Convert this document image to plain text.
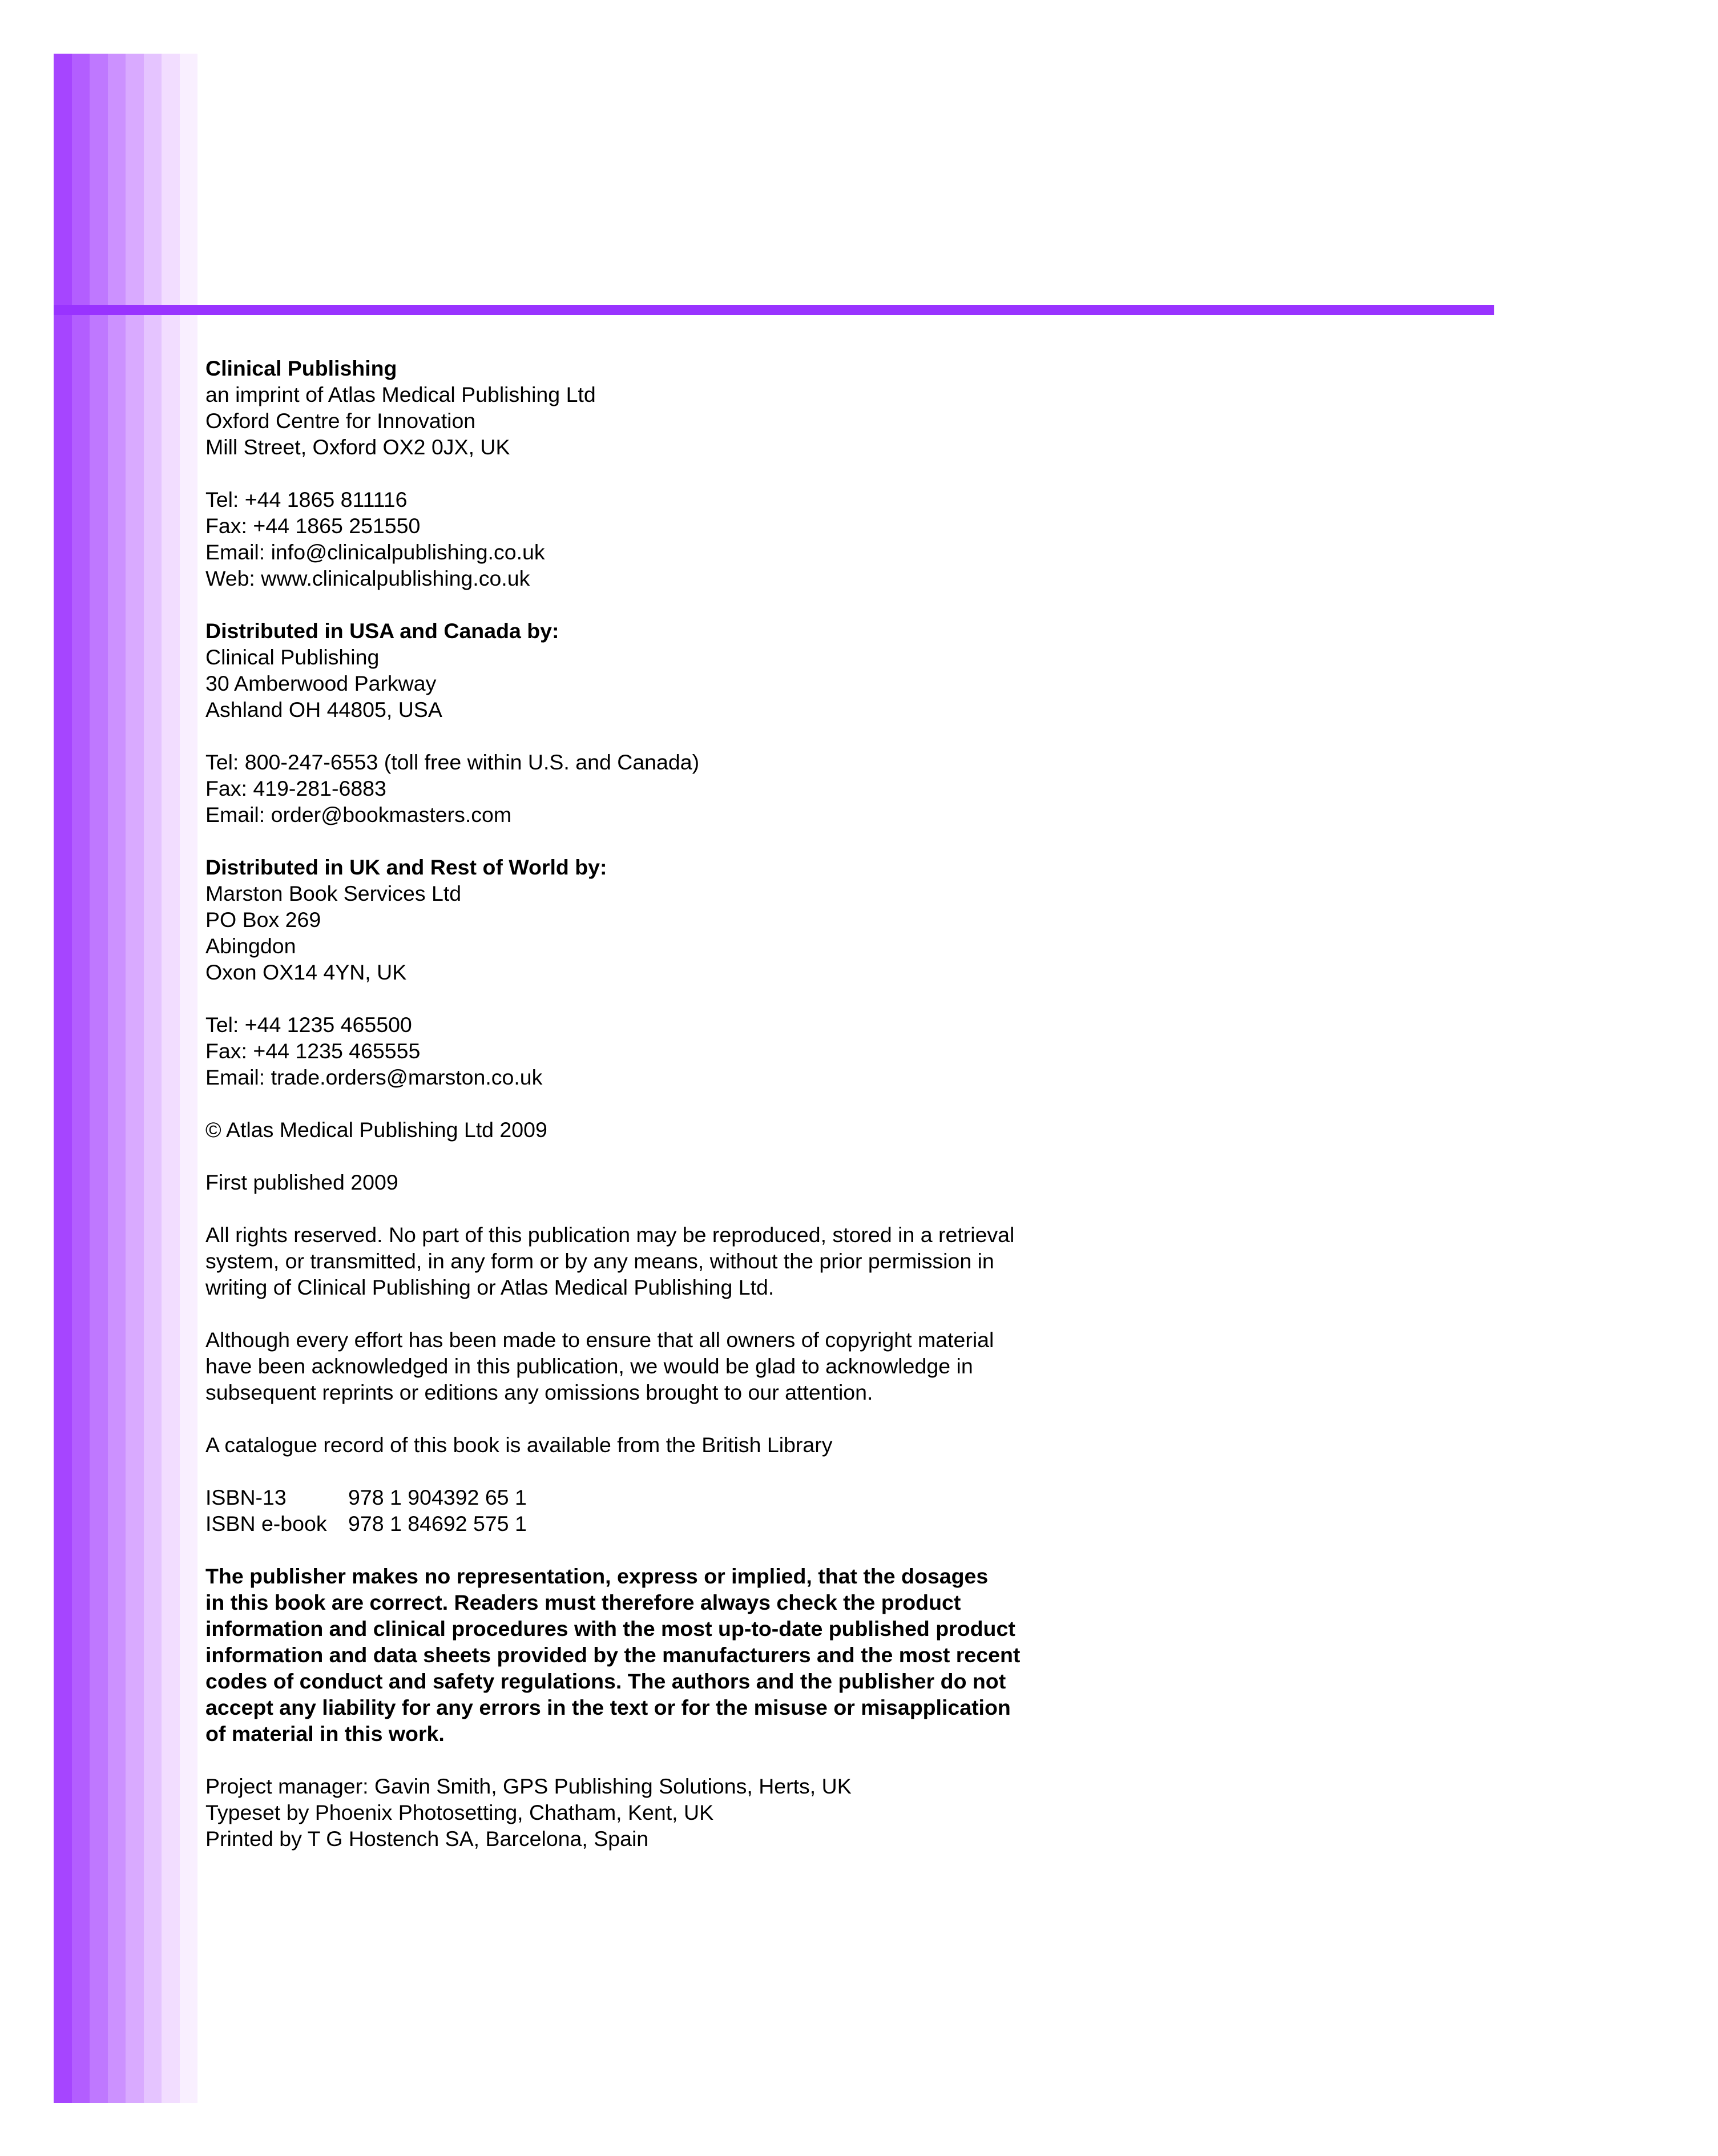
Clinical Publishing
an imprint of Atlas Medical Publishing Ltd
Oxford Centre for Innovation
Mill Street, Oxford OX2 0JX, UK
Tel: +44 1865 811116
Fax: +44 1865 251550
Email: info@clinicalpublishing.co.uk
Web: www.clinicalpublishing.co.uk
Distributed in USA and Canada by:
Clinical Publishing
30 Amberwood Parkway
Ashland OH 44805, USA
Tel: 800-247-6553 (toll free within U.S. and Canada)
Fax: 419-281-6883
Email: order@bookmasters.com
Distributed in UK and Rest of World by:
Marston Book Services Ltd
PO Box 269
Abingdon
Oxon OX14 4YN, UK
Tel: +44 1235 465500
Fax: +44 1235 465555
Email: trade.orders@marston.co.uk
© Atlas Medical Publishing Ltd 2009
First published 2009
All rights reserved. No part of this publication may be reproduced, stored in a retrieval
system, or transmitted, in any form or by any means, without the prior permission in
writing of Clinical Publishing or Atlas Medical Publishing Ltd.
Although every effort has been made to ensure that all owners of copyright material
have been acknowledged in this publication, we would be glad to acknowledge in
subsequent reprints or editions any omissions brought to our attention.
A catalogue record of this book is available from the British Library
ISBN-13	978 1 904392 65 1
ISBN e-book 978 1 84692 575 1
The publisher makes no representation, express or implied, that the dosages
in this book are correct. Readers must therefore always check the product
information and clinical procedures with the most up-to-date published product
information and data sheets provided by the manufacturers and the most recent
codes of conduct and safety regulations. The authors and the publisher do not
accept any liability for any errors in the text or for the misuse or misapplication
of material in this work.
Project manager: Gavin Smith, GPS Publishing Solutions, Herts, UK
Typeset by Phoenix Photosetting, Chatham, Kent, UK
Printed by T G Hostench SA, Barcelona, Spain
